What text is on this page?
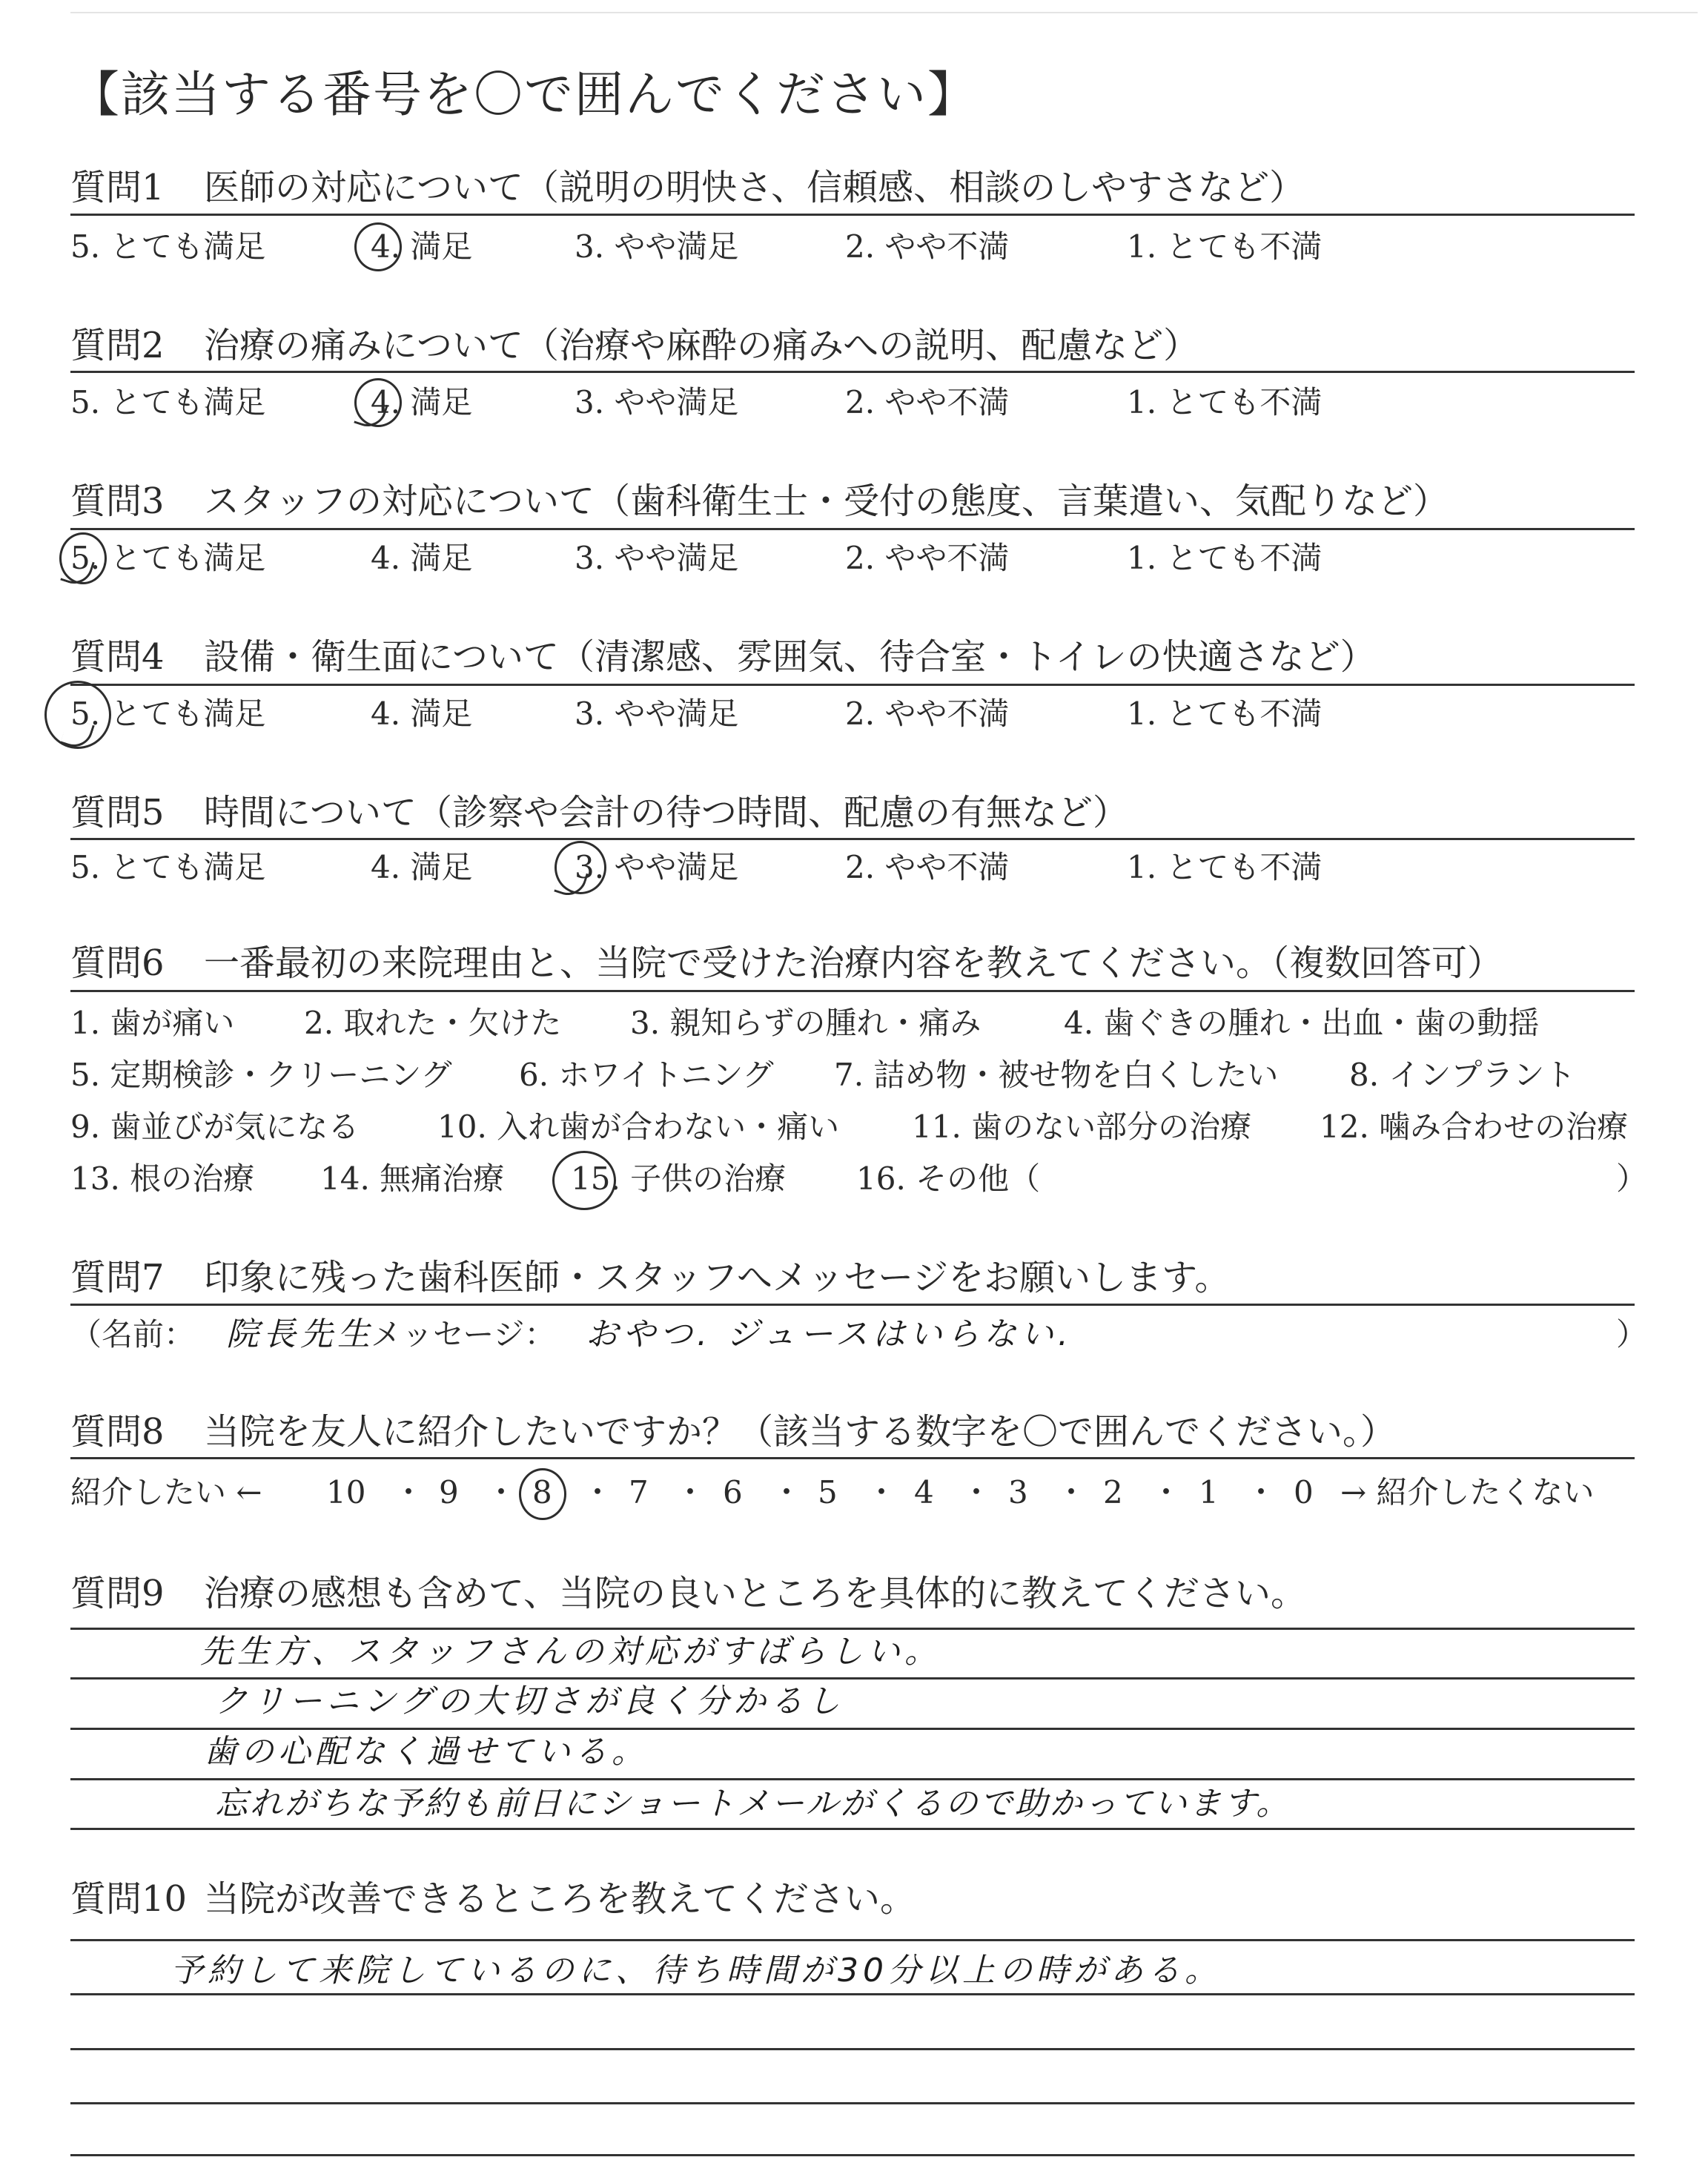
【該当する番号を〇で囲んでください】
質問1 医師の対応について（説明の明快さ、信頼感、相談のしやすさなど）
5. とても満足	4. 満足	3. やや満足	2. やや不満	1. とても不満
質問2 治療の痛みについて（治療や麻酔の痛みへの説明、配慮など）
5. とても満足	4. 満足	3. やや満足	2. やや不満	1. とても不満
質問3 スタッフの対応について（歯科衛生士・受付の態度、言葉遣い、気配りなど）
5. とても満足	4. 満足	3. やや満足	2. やや不満	1. とても不満
質問4 設備・衛生面について（清潔感、雰囲気、待合室・トイレの快適さなど）
5. とても満足	4. 満足	3. やや満足	2. やや不満	1. とても不満
質問5 時間について（診察や会計の待つ時間、配慮の有無など）
5. とても満足	4. 満足	3. やや満足	2. やや不満	1. とても不満
質問6 一番最初の来院理由と、当院で受けた治療内容を教えてください。（複数回答可）
1. 歯が痛い 2. 取れた・欠けた 3. 親知らずの腫れ・痛み	4. 歯ぐきの腫れ・出血・歯の動揺
5. 定期検診・クリーニング 6. ホワイトニング 7. 詰め物・被せ物を白くしたい 8. インプラント
9. 歯並びが気になる	10. 入れ歯が合わない・痛い 11. 歯のない部分の治療 12. 噛み合わせの治療
13. 根の治療 14. 無痛治療 15. 子供の治療 16. その他（	）
質問7 印象に残った歯科医師・スタッフへメッセージをお願いします。
（名前： 院長先生
メッセージ： おやつ. ジュースはいらない.	）
質問8 当院を友人に紹介したいですか？（該当する数字を〇で囲んでください。）
紹介したい ← 10 ・ 9 ・ 8 ・ 7 ・ 6 ・ 5 ・ 4 ・ 3 ・ 2 ・ 1 ・ 0 → 紹介したくない
質問9 治療の感想も含めて、当院の良いところを具体的に教えてください。
先生方、スタッフさんの対応がすばらしい。
クリーニングの大切さが良く分かるし
歯の心配なく過せている。
忘れがちな予約も前日にショートメールがくるので助かっています。
質問10 当院が改善できるところを教えてください。
予約して来院しているのに、待ち時間が30分以上の時がある。
